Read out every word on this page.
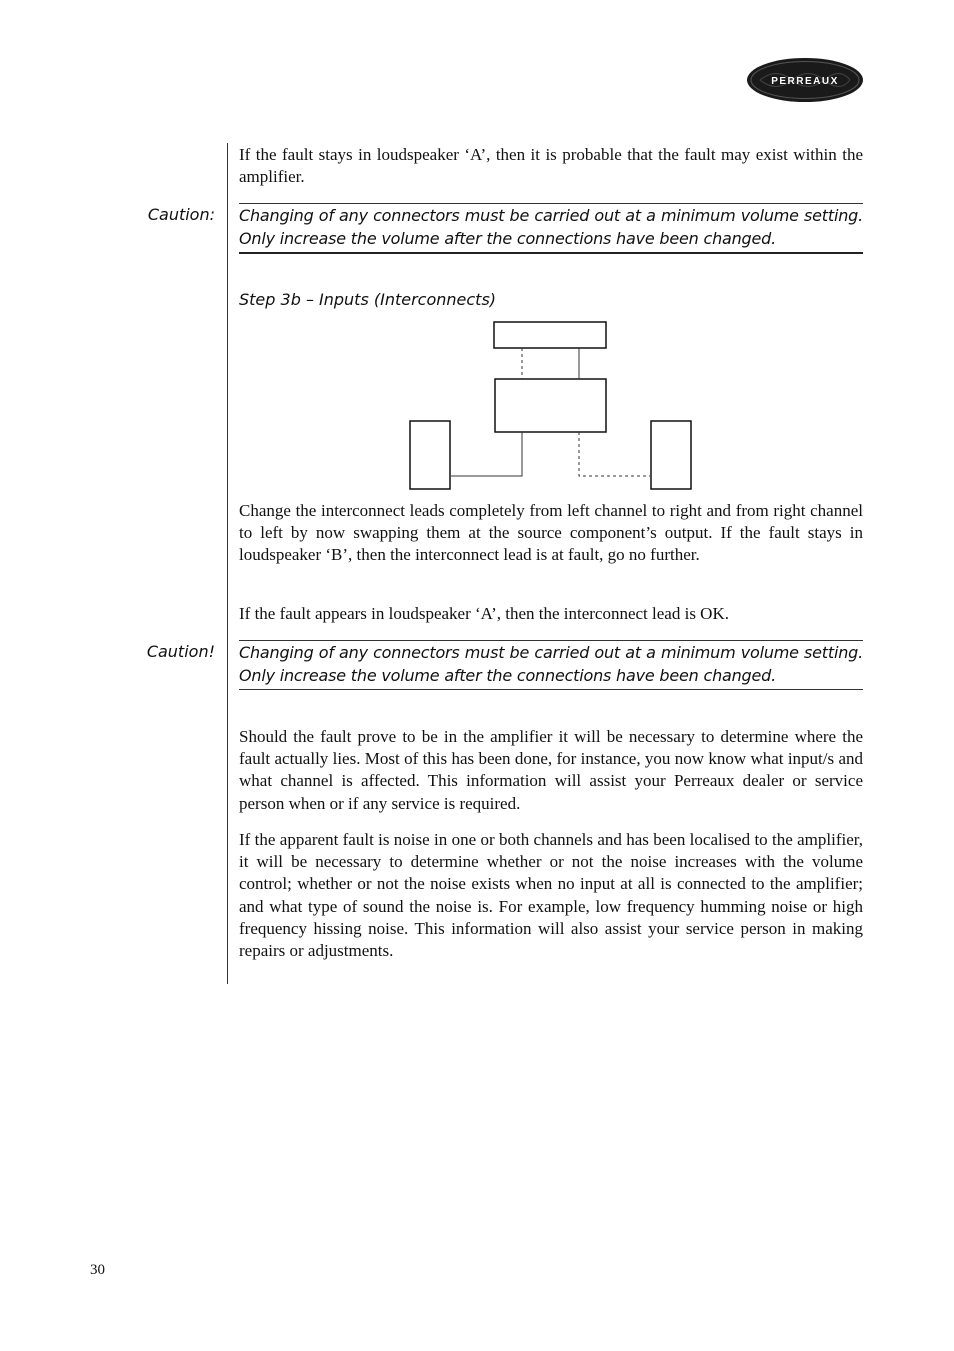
PERREAUX

If the fault stays in loudspeaker ‘A’, then it is probable that the fault may exist within the amplifier.

Caution: Changing of any connectors must be carried out at a minimum volume setting. Only increase the volume after the connections have been changed.

Step 3b – Inputs (Interconnects)

Change the interconnect leads completely from left channel to right and from right channel to left by now swapping them at the source component’s output. If the fault stays in loudspeaker ‘B’, then the interconnect lead is at fault, go no further.

If the fault appears in loudspeaker ‘A’, then the interconnect lead is OK.

Caution! Changing of any connectors must be carried out at a minimum volume setting. Only increase the volume after the connections have been changed.

Should the fault prove to be in the amplifier it will be necessary to determine where the fault actually lies. Most of this has been done, for instance, you now know what input/s and what channel is affected. This information will assist your Perreaux dealer or service person when or if any service is required.

If the apparent fault is noise in one or both channels and has been localised to the amplifier, it will be necessary to determine whether or not the noise increases with the volume control; whether or not the noise exists when no input at all is connected to the amplifier; and what type of sound the noise is. For example, low frequency humming noise or high frequency hissing noise. This information will also assist your service person in making repairs or adjustments.

30
